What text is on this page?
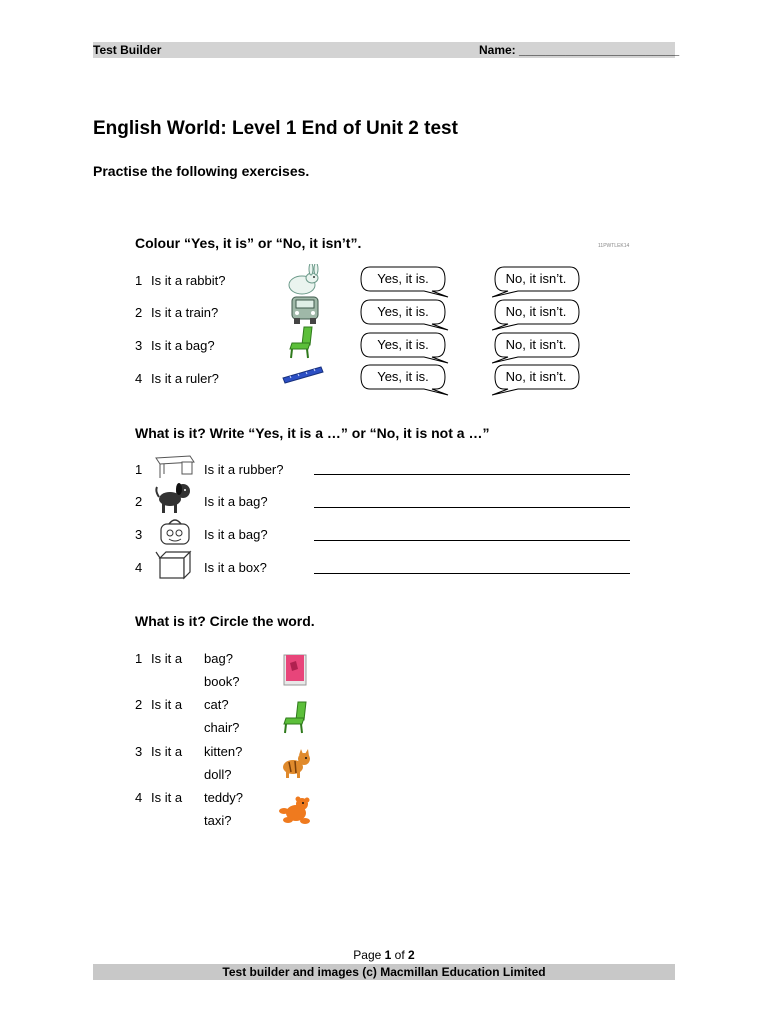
Test Builder	Name: ________________________
English World: Level 1 End of Unit 2 test
Practise the following exercises.
Colour “Yes, it is” or “No, it isn’t”.	11PWTLEK14
1 Is it a rabbit?	Yes, it is.	No, it isn’t.
2 Is it a train?	Yes, it is.	No, it isn’t.
3 Is it a bag?	Yes, it is.	No, it isn’t.
4 Is it a ruler?	Yes, it is.	No, it isn’t.
What is it? Write “Yes, it is a …” or “No, it is not a …”
1	Is it a rubber?
2	Is it a bag?
3	Is it a bag?
4	Is it a box?
What is it? Circle the word.
1 Is it a bag?
book?
2 Is it a cat?
chair?
3 Is it a kitten?
doll?
4 Is it a teddy?
taxi?
Page 1 of 2
Test builder and images (c) Macmillan Education Limited
